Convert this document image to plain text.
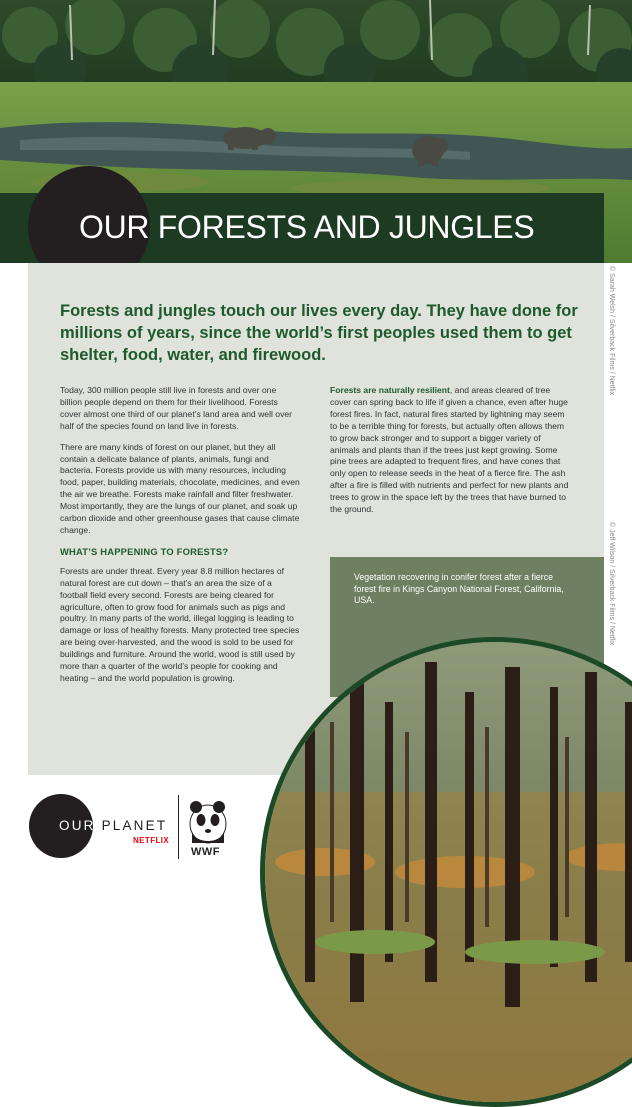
OUR FORESTS AND JUNGLES
© Sarah Welsh / Silverback Films / Netflix
© Jeff Wilson / Silverback Films / Netflix

Forests and jungles touch our lives every day. They have done for millions of years, since the world’s first peoples used them to get shelter, food, water, and firewood.

Today, 300 million people still live in forests and over one billion people depend on them for their livelihood. Forests cover almost one third of our planet’s land area and well over half of the species found on land live in forests.

There are many kinds of forest on our planet, but they all contain a delicate balance of plants, animals, fungi and bacteria. Forests provide us with many resources, including food, paper, building materials, chocolate, medicines, and even the air we breathe. Forests make rainfall and filter freshwater. Most importantly, they are the lungs of our planet, and soak up carbon dioxide and other greenhouse gases that cause climate change.

WHAT’S HAPPENING TO FORESTS?

Forests are under threat. Every year 8.8 million hectares of natural forest are cut down – that’s an area the size of a football field every second. Forests are being cleared for agriculture, often to grow food for animals such as pigs and poultry. In many parts of the world, illegal logging is leading to damage or loss of healthy forests. Many protected tree species are being over-harvested, and the wood is sold to be used for buildings and furniture. Around the world, wood is still used by more than a quarter of the world’s people for cooking and heating – and the world population is growing.

Forests are naturally resilient, and areas cleared of tree cover can spring back to life if given a chance, even after huge forest fires. In fact, natural fires started by lightning may seem to be a terrible thing for forests, but actually often allows them to grow back stronger and to support a bigger variety of animals and plants than if the trees just kept growing. Some pine trees are adapted to frequent fires, and have cones that only open to release seeds in the heat of a fierce fire. The ash after a fire is filled with nutrients and perfect for new plants and trees to grow in the space left by the trees that have burned to the ground.

Vegetation recovering in conifer forest after a fierce forest fire in Kings Canyon National Forest, California, USA.

OUR PLANET
NETFLIX
WWF
